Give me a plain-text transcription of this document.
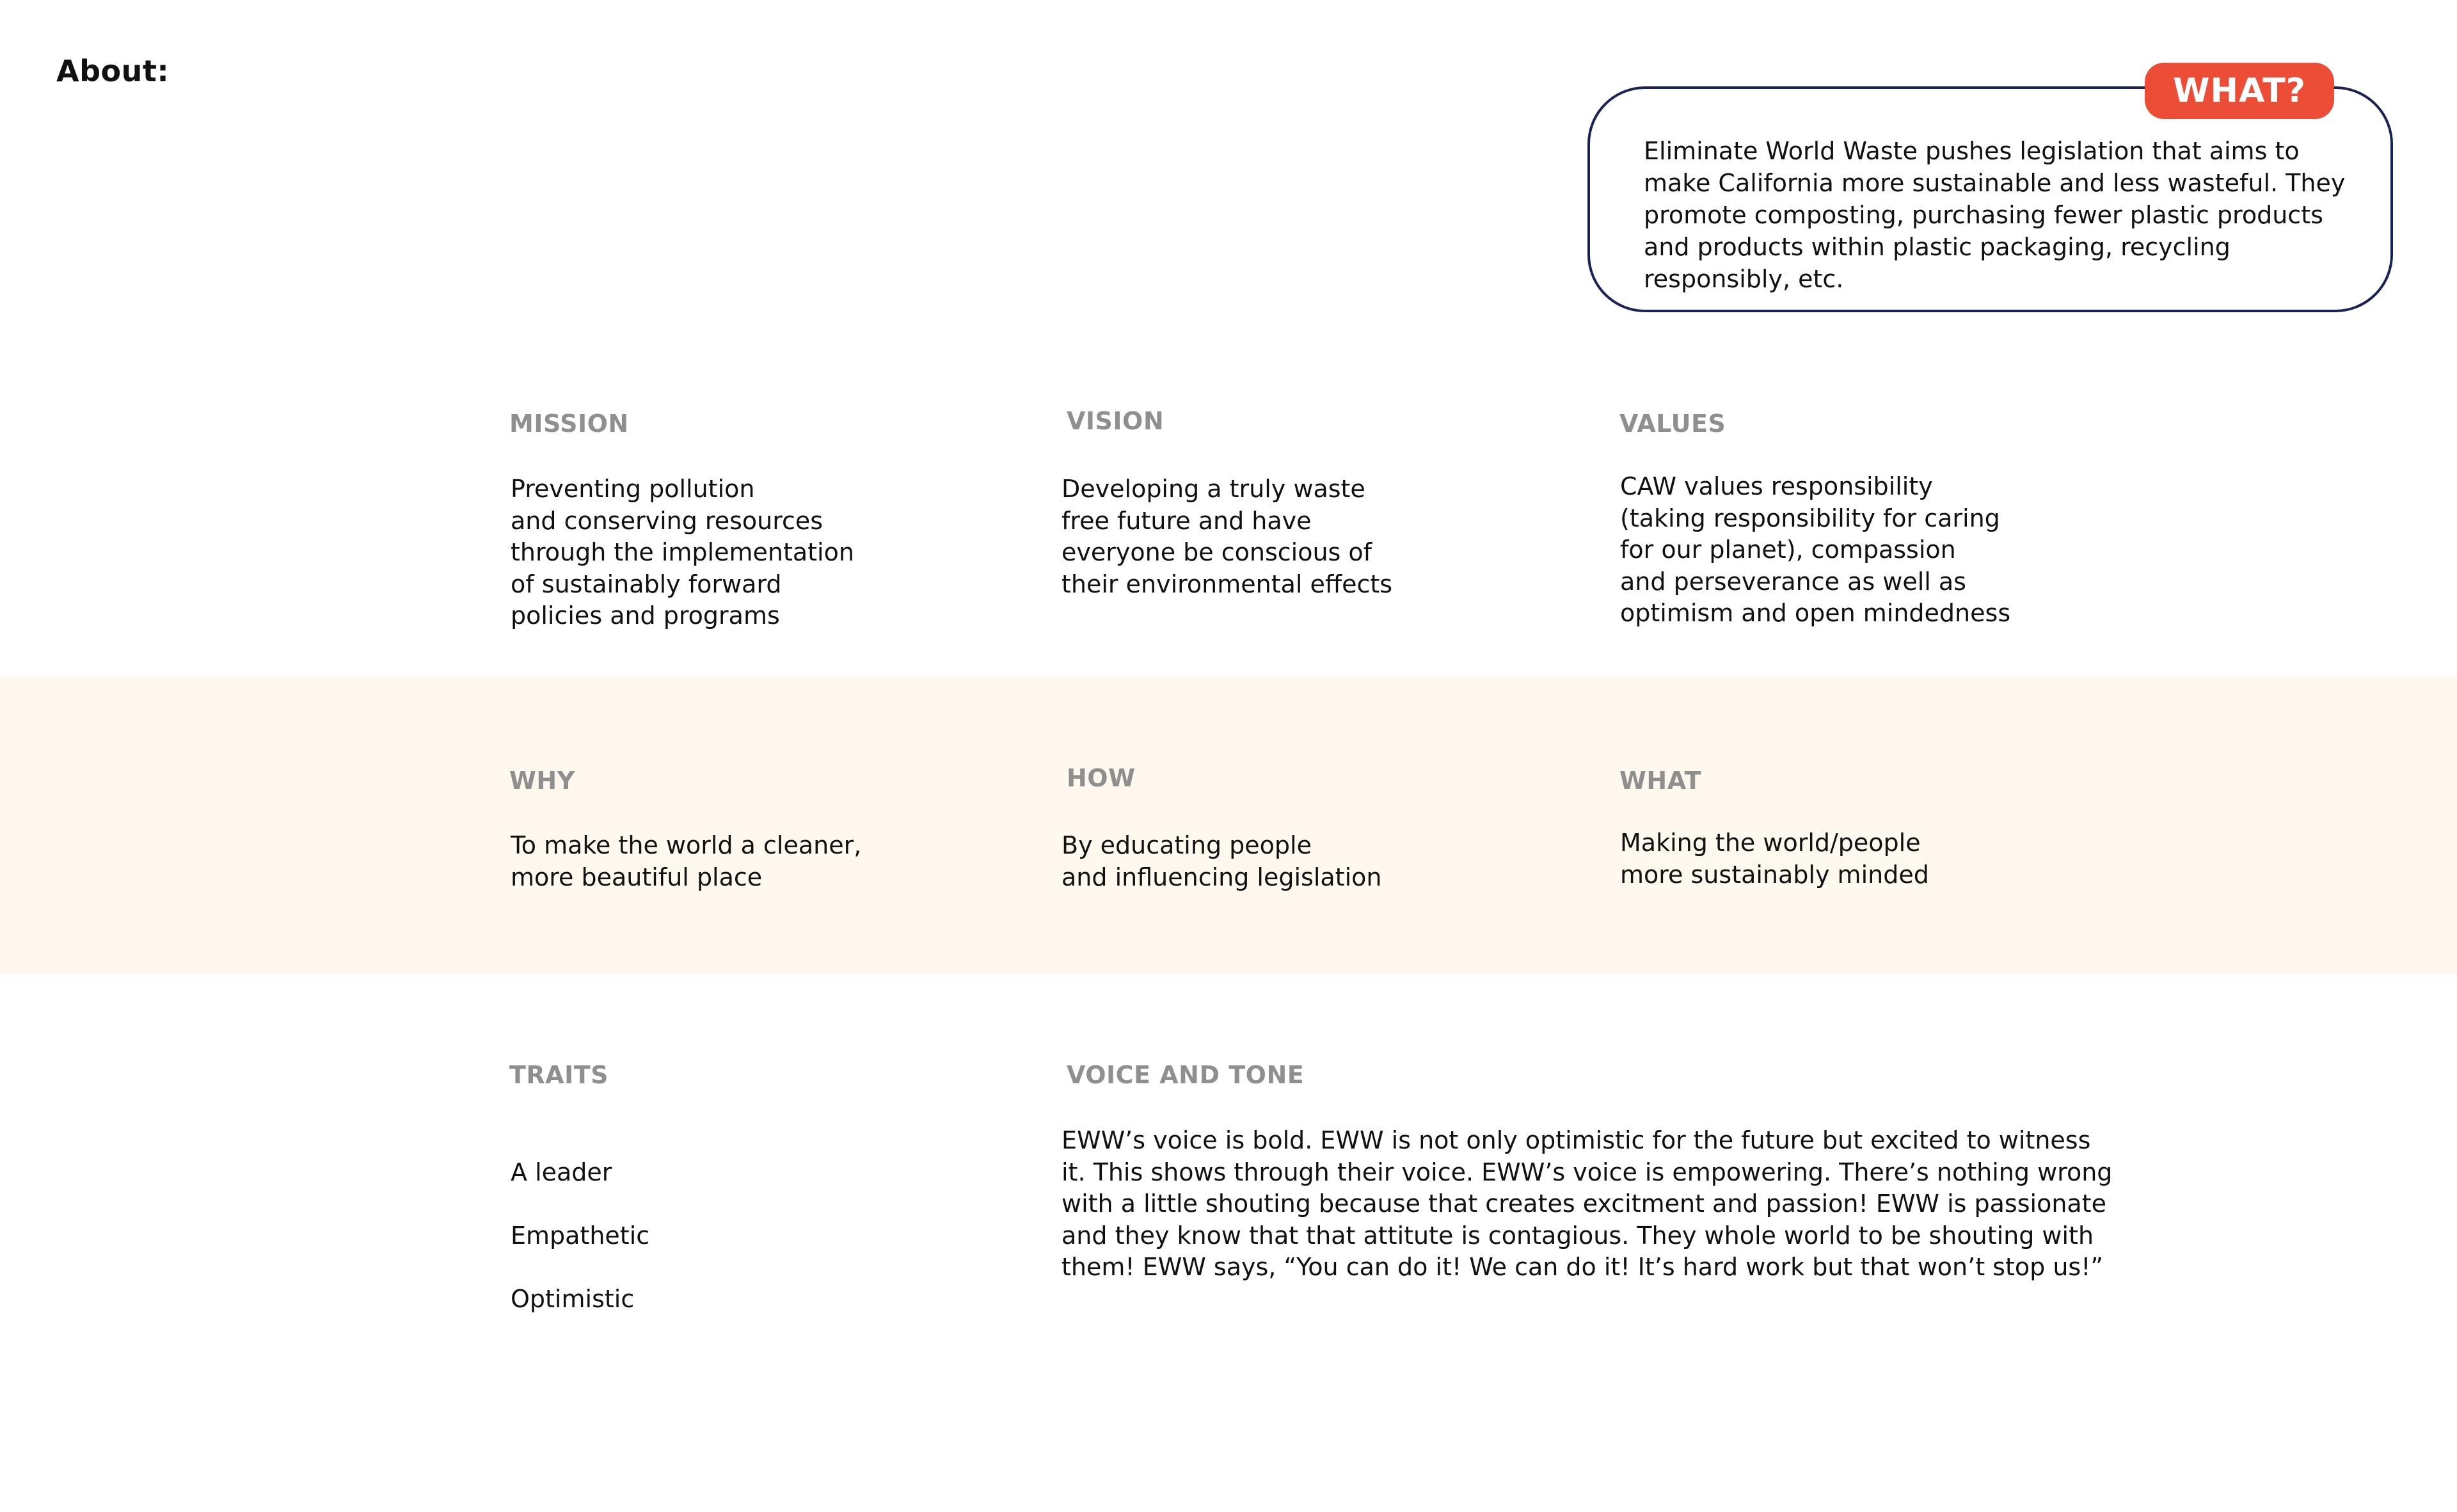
About:
Eliminate World Waste pushes legislation that aims to make California more sustainable and less wasteful. They promote composting, purchasing fewer plastic products and products within plastic packaging, recycling responsibly, etc.
WHAT?
MISSION
Preventing pollution
and conserving resources
through the implementation
of sustainably forward
policies and programs
VISION
Developing a truly waste
free future and have
everyone be conscious of
their environmental effects
VALUES
CAW values responsibility
(taking responsibility for caring
for our planet), compassion
and perseverance as well as
optimism and open mindedness
WHY
To make the world a cleaner,
more beautiful place
HOW
By educating people
and influencing legislation
WHAT
Making the world/people
more sustainably minded
TRAITS

A leader

Empathetic

Optimistic

VOICE AND TONE
EWW’s voice is bold. EWW is not only optimistic for the future but excited to witness
it. This shows through their voice. EWW’s voice is empowering. There’s nothing wrong
with a little shouting because that creates excitment and passion! EWW is passionate
and they know that that attitute is contagious. They whole world to be shouting with
them! EWW says, “You can do it! We can do it! It’s hard work but that won’t stop us!”
